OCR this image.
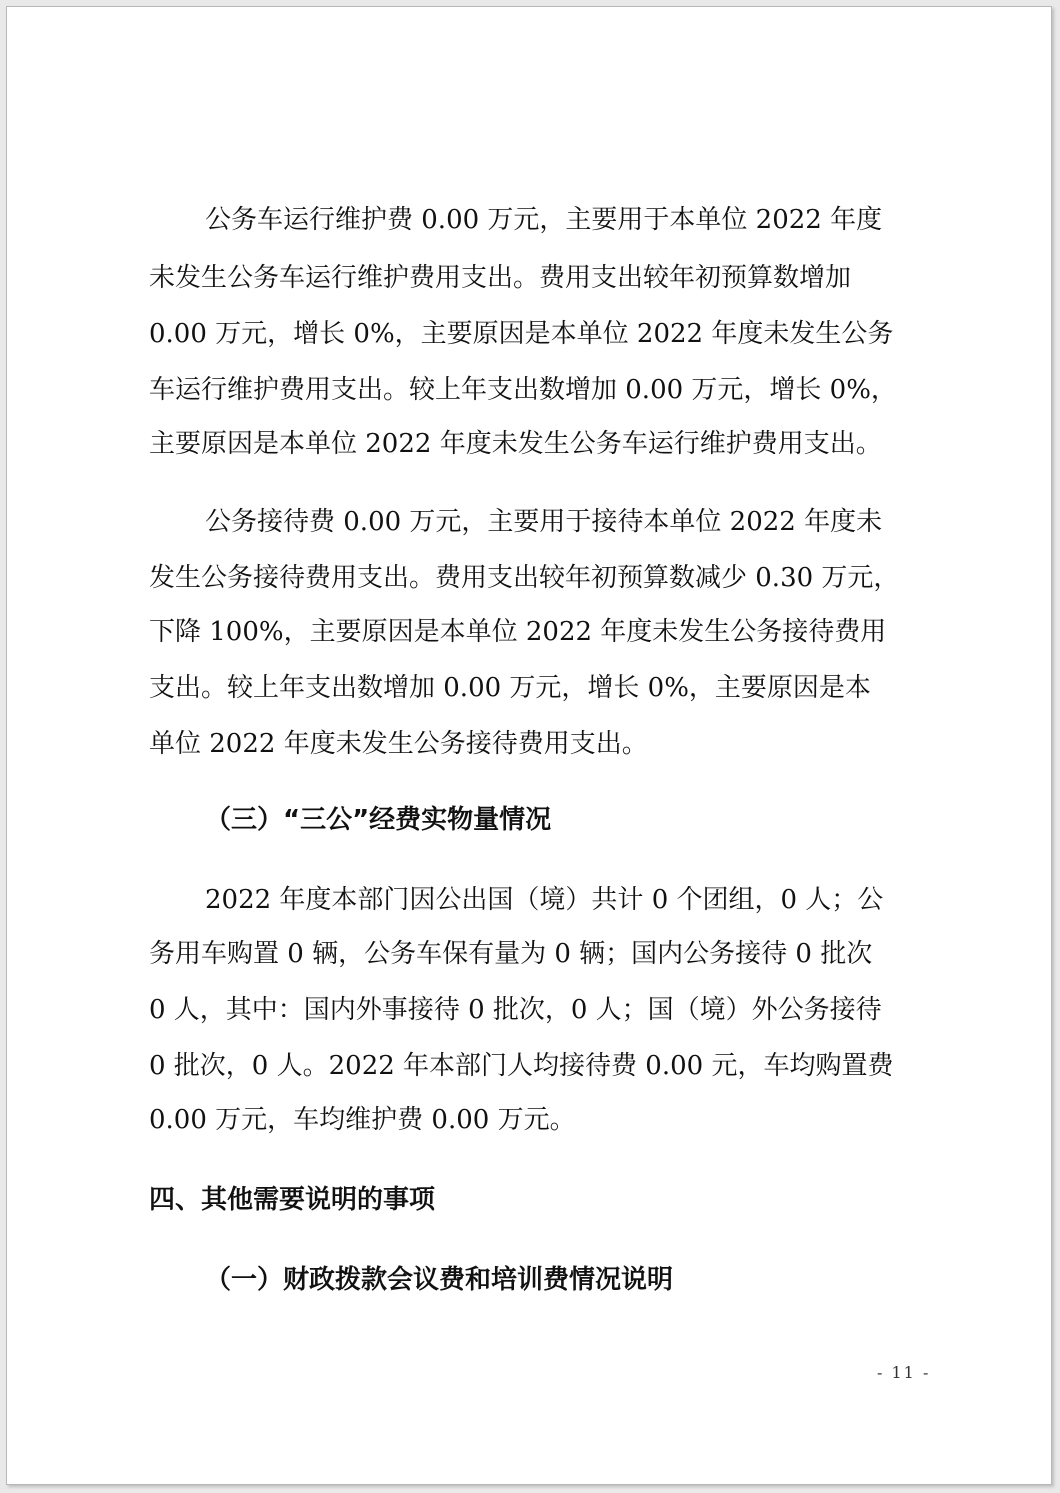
公务车运行维护费 0.00 万元，主要用于本单位 2022 年度
未发生公务车运行维护费用支出。费用支出较年初预算数增加
0.00 万元，增长 0%，主要原因是本单位 2022 年度未发生公务
车运行维护费用支出。较上年支出数增加 0.00 万元，增长 0%，
主要原因是本单位 2022 年度未发生公务车运行维护费用支出。
公务接待费 0.00 万元，主要用于接待本单位 2022 年度未
发生公务接待费用支出。费用支出较年初预算数减少 0.30 万元，
下降 100%，主要原因是本单位 2022 年度未发生公务接待费用
支出。较上年支出数增加 0.00 万元，增长 0%，主要原因是本
单位 2022 年度未发生公务接待费用支出。
（三）“三公”经费实物量情况
2022 年度本部门因公出国（境）共计 0 个团组，0 人；公
务用车购置 0 辆，公务车保有量为 0 辆；国内公务接待 0 批次
0 人，其中：国内外事接待 0 批次，0 人；国（境）外公务接待
0 批次，0 人。2022 年本部门人均接待费 0.00 元，车均购置费
0.00 万元，车均维护费 0.00 万元。
四、其他需要说明的事项
（一）财政拨款会议费和培训费情况说明
- 11 -
